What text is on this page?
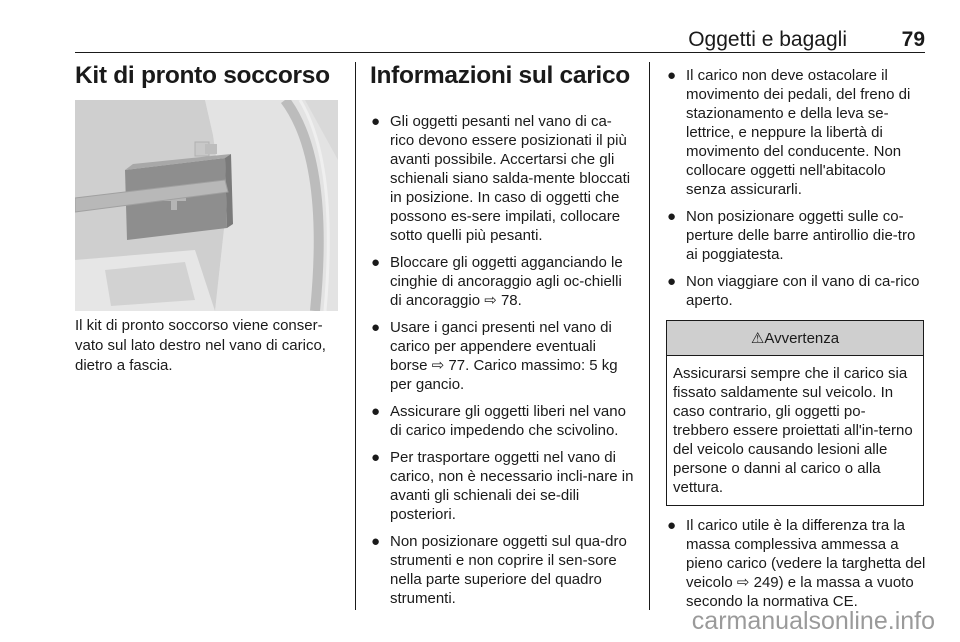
Oggetti e bagagli	79
Kit di pronto soccorso
Il kit di pronto soccorso viene conser-vato sul lato destro nel vano di carico, dietro a fascia.
Informazioni sul carico
● Gli oggetti pesanti nel vano di ca-rico devono essere posizionati il più avanti possibile. Accertarsi che gli schienali siano salda-mente bloccati in posizione. In caso di oggetti che possono es-sere impilati, collocare sotto quelli più pesanti.
● Bloccare gli oggetti agganciando le cinghie di ancoraggio agli oc-chielli di ancoraggio ⇨ 78.
● Usare i ganci presenti nel vano di carico per appendere eventuali borse ⇨ 77. Carico massimo: 5 kg per gancio.
● Assicurare gli oggetti liberi nel vano di carico impedendo che scivolino.
● Per trasportare oggetti nel vano di carico, non è necessario incli-nare in avanti gli schienali dei se-dili posteriori.
● Non posizionare oggetti sul qua-dro strumenti e non coprire il sen-sore nella parte superiore del quadro strumenti.
● Il carico non deve ostacolare il movimento dei pedali, del freno di stazionamento e della leva se-lettrice, e neppure la libertà di movimento del conducente. Non collocare oggetti nell'abitacolo senza assicurarli.
● Non posizionare oggetti sulle co-perture delle barre antirollio die-tro ai poggiatesta.
● Non viaggiare con il vano di ca-rico aperto.
⚠Avvertenza
Assicurarsi sempre che il carico sia fissato saldamente sul veicolo. In caso contrario, gli oggetti po-trebbero essere proiettati all'in-terno del veicolo causando lesioni alle persone o danni al carico o alla vettura.
● Il carico utile è la differenza tra la massa complessiva ammessa a pieno carico (vedere la targhetta del veicolo ⇨ 249) e la massa a vuoto secondo la normativa CE.
carmanualsonline.info
